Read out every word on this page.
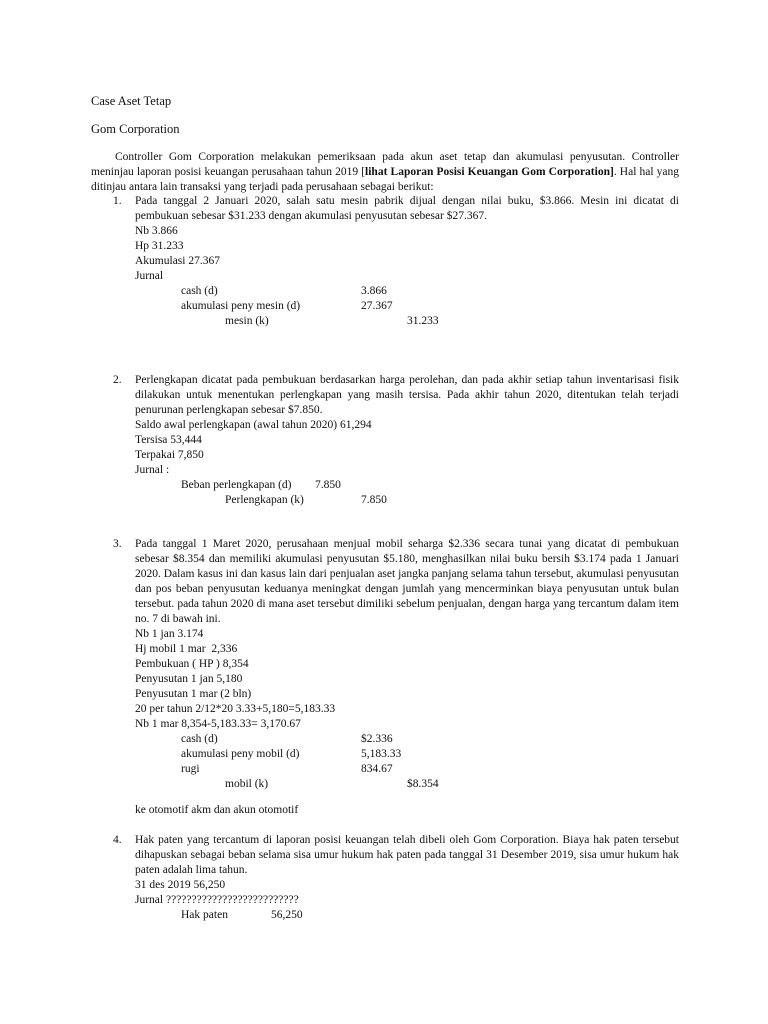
Case Aset Tetap
Gom Corporation
Controller Gom Corporation melakukan pemeriksaan pada akun aset tetap dan akumulasi penyusutan. Controller meninjau laporan posisi keuangan perusahaan tahun 2019 [lihat Laporan Posisi Keuangan Gom Corporation]. Hal hal yang ditinjau antara lain transaksi yang terjadi pada perusahaan sebagai berikut:
1. Pada tanggal 2 Januari 2020, salah satu mesin pabrik dijual dengan nilai buku, $3.866. Mesin ini dicatat di pembukuan sebesar $31.233 dengan akumulasi penyusutan sebesar $27.367.
Nb 3.866
Hp 31.233
Akumulasi 27.367
Jurnal
cash (d)	3.866
akumulasi peny mesin (d)	27.367
mesin (k)	31.233
2. Perlengkapan dicatat pada pembukuan berdasarkan harga perolehan, dan pada akhir setiap tahun inventarisasi fisik dilakukan untuk menentukan perlengkapan yang masih tersisa. Pada akhir tahun 2020, ditentukan telah terjadi penurunan perlengkapan sebesar $7.850.
Saldo awal perlengkapan (awal tahun 2020) 61,294
Tersisa 53,444
Terpakai 7,850
Jurnal :
Beban perlengkapan (d) 7.850
Perlengkapan (k)	7.850
3. Pada tanggal 1 Maret 2020, perusahaan menjual mobil seharga $2.336 secara tunai yang dicatat di pembukuan sebesar $8.354 dan memiliki akumulasi penyusutan $5.180, menghasilkan nilai buku bersih $3.174 pada 1 Januari 2020. Dalam kasus ini dan kasus lain dari penjualan aset jangka panjang selama tahun tersebut, akumulasi penyusutan dan pos beban penyusutan keduanya meningkat dengan jumlah yang mencerminkan biaya penyusutan untuk bulan tersebut. pada tahun 2020 di mana aset tersebut dimiliki sebelum penjualan, dengan harga yang tercantum dalam item no. 7 di bawah ini.
Nb 1 jan 3.174
Hj mobil 1 mar  2,336
Pembukuan ( HP ) 8,354
Penyusutan 1 jan 5,180
Penyusutan 1 mar (2 bln)
20 per tahun 2/12*20 3.33+5,180=5,183.33
Nb 1 mar 8,354-5,183.33= 3,170.67
cash (d)	$2.336
akumulasi peny mobil (d)	5,183.33
rugi	834.67
mobil (k)	$8.354
ke otomotif akm dan akun otomotif
4. Hak paten yang tercantum di laporan posisi keuangan telah dibeli oleh Gom Corporation. Biaya hak paten tersebut dihapuskan sebagai beban selama sisa umur hukum hak paten pada tanggal 31 Desember 2019, sisa umur hukum hak paten adalah lima tahun.
31 des 2019 56,250
Jurnal ??????????????????????????
Hak paten	56,250
